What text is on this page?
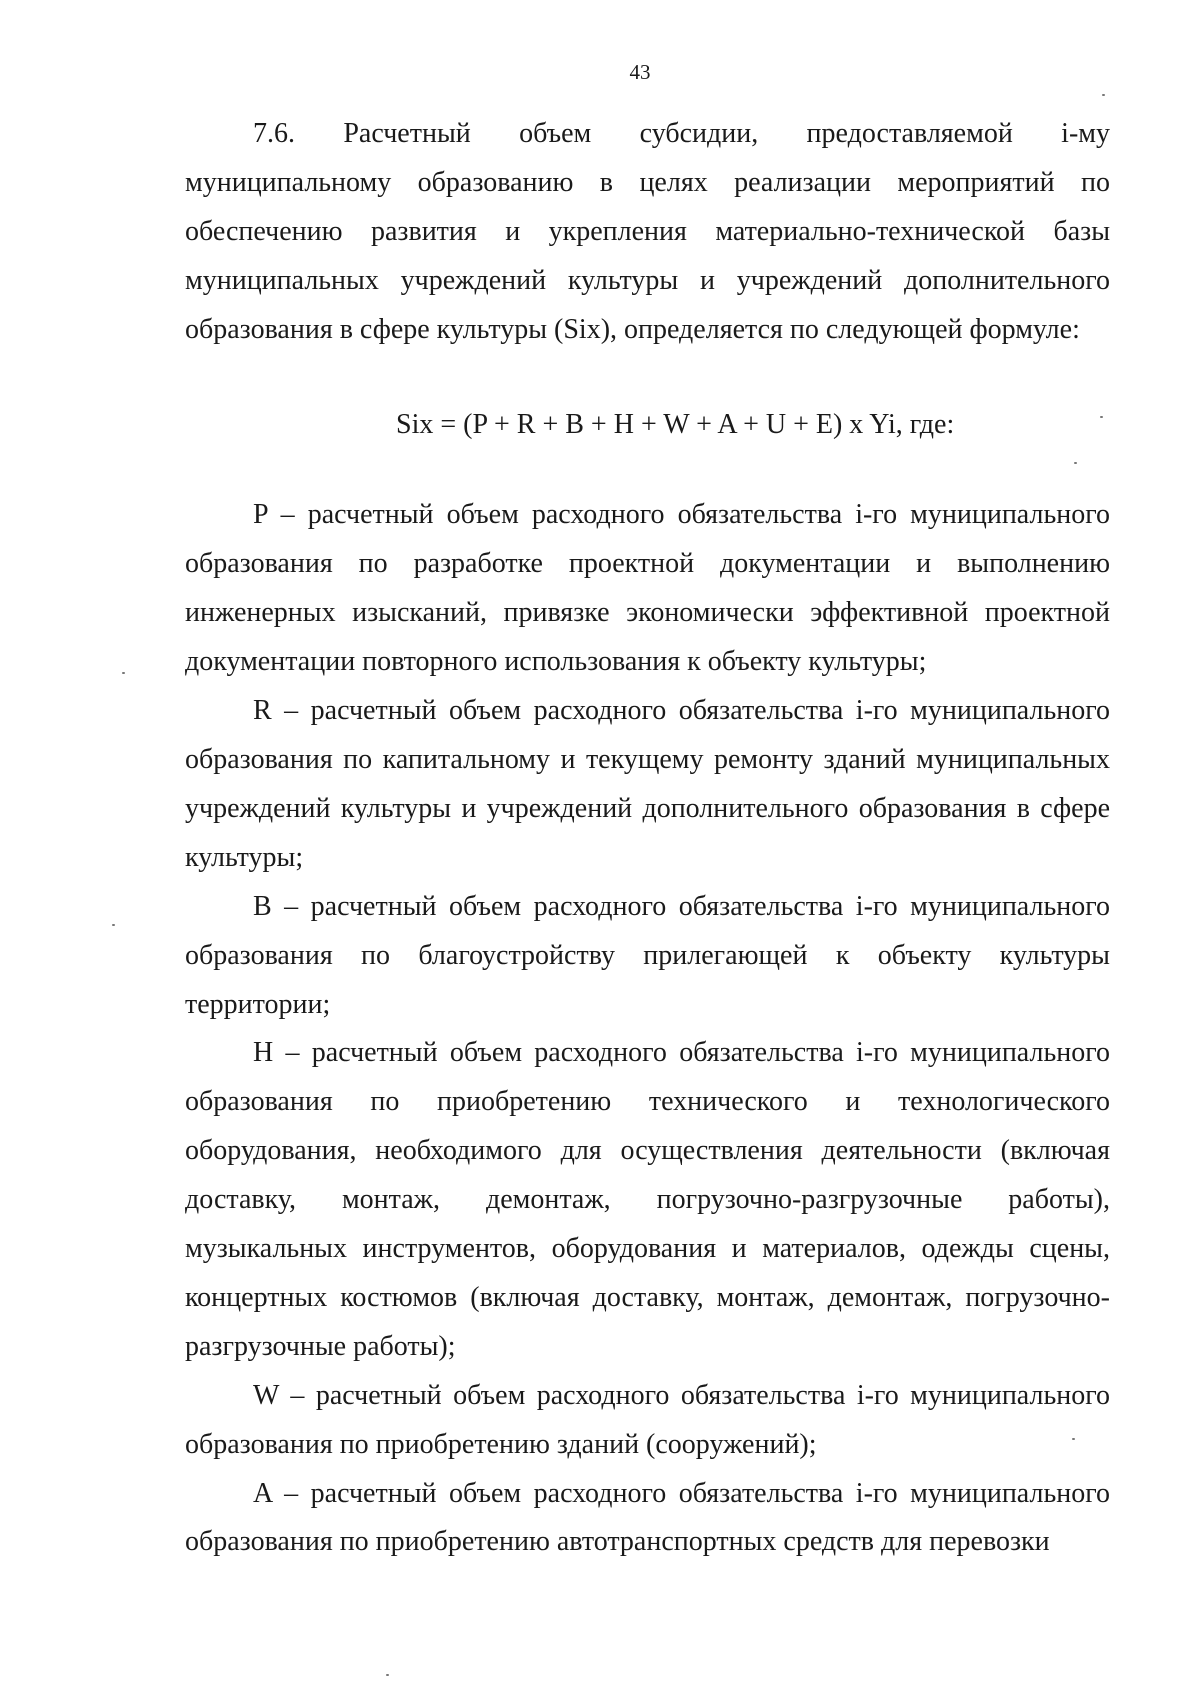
43

7.6. Расчетный объем субсидии, предоставляемой i-му муниципальному образованию в целях реализации мероприятий по обеспечению развития и укрепления материально-технической базы муниципальных учреждений культуры и учреждений дополнительного образования в сфере культуры (Six), определяется по следующей формуле:

Six = (P + R + B + H + W + A + U + E) x Yi, где:

P – расчетный объем расходного обязательства i-го муниципального образования по разработке проектной документации и выполнению инженерных изысканий, привязке экономически эффективной проектной документации повторного использования к объекту культуры;

R – расчетный объем расходного обязательства i-го муниципального образования по капитальному и текущему ремонту зданий муниципальных учреждений культуры и учреждений дополнительного образования в сфере культуры;

B – расчетный объем расходного обязательства i-го муниципального образования по благоустройству прилегающей к объекту культуры территории;

H – расчетный объем расходного обязательства i-го муниципального образования по приобретению технического и технологического оборудования, необходимого для осуществления деятельности (включая доставку, монтаж, демонтаж, погрузочно-разгрузочные работы), музыкальных инструментов, оборудования и материалов, одежды сцены, концертных костюмов (включая доставку, монтаж, демонтаж, погрузочно-разгрузочные работы);

W – расчетный объем расходного обязательства i-го муниципального образования по приобретению зданий (сооружений);

A – расчетный объем расходного обязательства i-го муниципального образования по приобретению автотранспортных средств для перевозки
